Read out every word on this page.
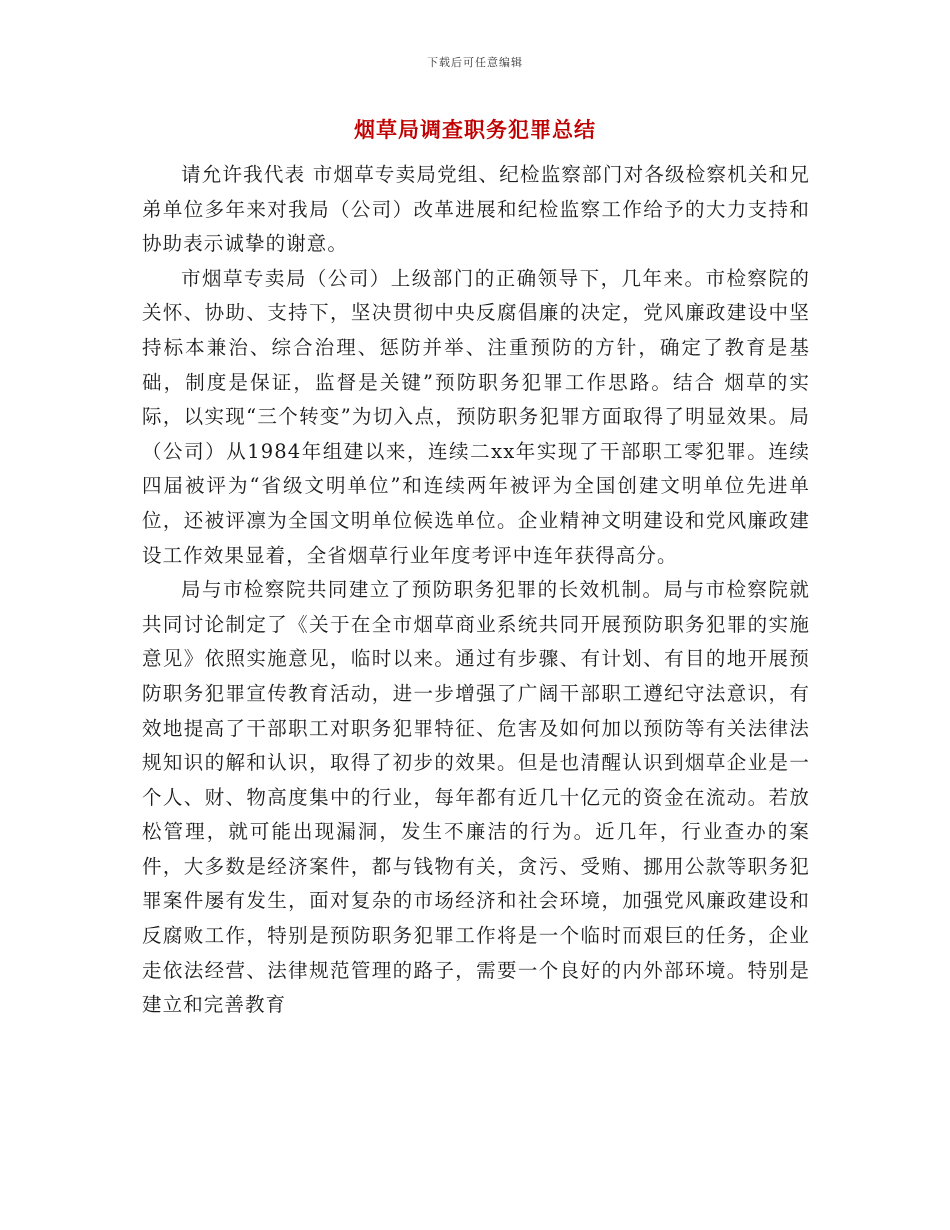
下载后可任意编辑
烟草局调查职务犯罪总结

请允许我代表 市烟草专卖局党组、纪检监察部门对各级检察机关和兄弟单位多年来对我局（公司）改革进展和纪检监察工作给予的大力支持和协助表示诚挚的谢意。

市烟草专卖局（公司）上级部门的正确领导下，几年来。市检察院的关怀、协助、支持下，坚决贯彻中央反腐倡廉的决定，党风廉政建设中坚持标本兼治、综合治理、惩防并举、注重预防的方针，确定了教育是基础，制度是保证，监督是关键”预防职务犯罪工作思路。结合 烟草的实际，以实现“三个转变”为切入点，预防职务犯罪方面取得了明显效果。局（公司）从1984年组建以来，连续二xx年实现了干部职工零犯罪。连续四届被评为“省级文明单位”和连续两年被评为全国创建文明单位先进单位，还被评凛为全国文明单位候选单位。企业精神文明建设和党风廉政建设工作效果显着，全省烟草行业年度考评中连年获得高分。

局与市检察院共同建立了预防职务犯罪的长效机制。局与市检察院就共同讨论制定了《关于在全市烟草商业系统共同开展预防职务犯罪的实施意见》依照实施意见，临时以来。通过有步骤、有计划、有目的地开展预防职务犯罪宣传教育活动，进一步增强了广阔干部职工遵纪守法意识，有效地提高了干部职工对职务犯罪特征、危害及如何加以预防等有关法律法规知识的解和认识，取得了初步的效果。但是也清醒认识到烟草企业是一个人、财、物高度集中的行业，每年都有近几十亿元的资金在流动。若放松管理，就可能出现漏洞，发生不廉洁的行为。近几年，行业查办的案件，大多数是经济案件，都与钱物有关，贪污、受贿、挪用公款等职务犯罪案件屡有发生，面对复杂的市场经济和社会环境，加强党风廉政建设和反腐败工作，特别是预防职务犯罪工作将是一个临时而艰巨的任务，企业走依法经营、法律规范管理的路子，需要一个良好的内外部环境。特别是建立和完善教育
